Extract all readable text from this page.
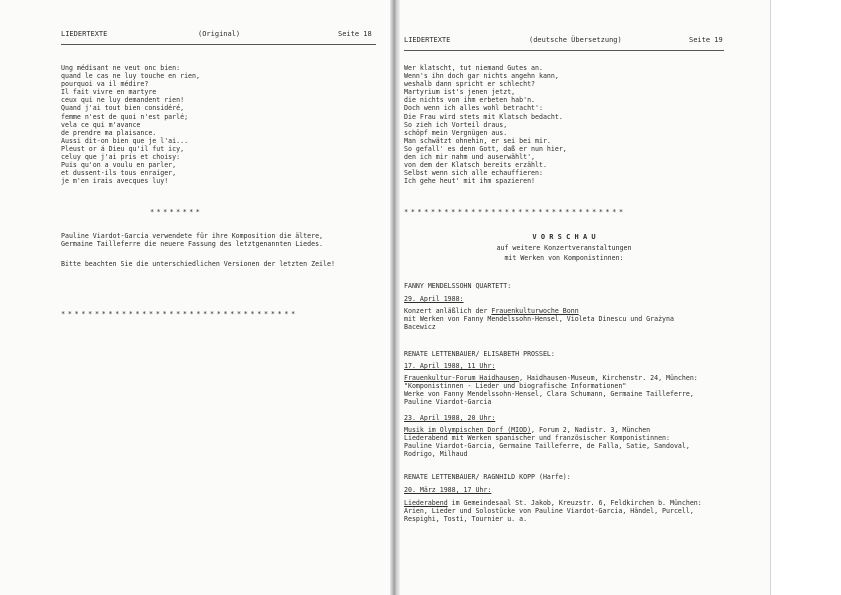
LIEDERTEXTE	(Original)	Seite 18
Ung médisant ne veut onc bien:
quand le cas ne luy touche en rien,
pourquoi va il médire?
Il fait vivre en martyre
ceux qui ne luy demandent rien!
Quand j'ai tout bien considéré,
femme n'est de quoi n'est parlé;
vela ce qui m'avance
de prendre ma plaisance.
Aussi dit-on bien que je l'ai...
Pleust or á Dieu qu'il fut icy,
celuy que j'ai pris et choisy:
Puis qu'on a voulu en parler,
et dussent-ils tous enraiger,
je m'en irais avecques luy!
********
Pauline Viardot-Garcia verwendete für ihre Komposition die ältere,
Germaine Tailleferre die neuere Fassung des letztgenannten Liedes.
Bitte beachten Sie die unterschiedlichen Versionen der letzten Zeile!
***********************************
LIEDERTEXTE	(deutsche Übersetzung)	Seite 19
Wer klatscht, tut niemand Gutes an.
Wenn's ihn doch gar nichts angehn kann,
weshalb dann spricht er schlecht?
Martyrium ist's jenen jetzt,
die nichts von ihm erbeten hab'n.
Doch wenn ich alles wohl betracht':
Die Frau wird stets mit Klatsch bedacht.
So zieh ich Vorteil draus,
schöpf mein Vergnügen aus.
Man schwätzt ohnehin, er sei bei mir.
So gefall' es denn Gott, daß er nun hier,
den ich mir nahm und auserwählt',
von dem der Klatsch bereits erzählt.
Selbst wenn sich alle echauffieren:
Ich gehe heut' mit ihm spazieren!
*********************************
V O R S C H A U
auf weitere Konzertveranstaltungen
mit Werken von Komponistinnen:
FANNY MENDELSSOHN QUARTETT:
29. April 1988:
Konzert anläßlich der Frauenkulturwoche Bonn
mit Werken von Fanny Mendelssohn-Hensel, Violeta Dinescu und Grażyna
Bacewicz
RENATE LETTENBAUER/ ELISABETH PROSSEL:
17. April 1988, 11 Uhr:
Frauenkultur-Forum Haidhausen, Haidhausen-Museum, Kirchenstr. 24, München:
"Komponistinnen - Lieder und biografische Informationen"
Werke von Fanny Mendelssohn-Hensel, Clara Schumann, Germaine Tailleferre,
Pauline Viardot-Garcia
23. April 1988, 20 Uhr:
Musik im Olympischen Dorf (MIOD), Forum 2, Nadistr. 3, München
Liederabend mit Werken spanischer und französischer Komponistinnen:
Pauline Viardot-Garcia, Germaine Tailleferre, de Falla, Satie, Sandoval,
Rodrigo, Milhaud
RENATE LETTENBAUER/ RAGNHILD KOPP (Harfe):
20. März 1988, 17 Uhr:
Liederabend im Gemeindesaal St. Jakob, Kreuzstr. 6, Feldkirchen b. München:
Arien, Lieder und Solostücke von Pauline Viardot-Garcia, Händel, Purcell,
Respighi, Tosti, Tournier u. a.
